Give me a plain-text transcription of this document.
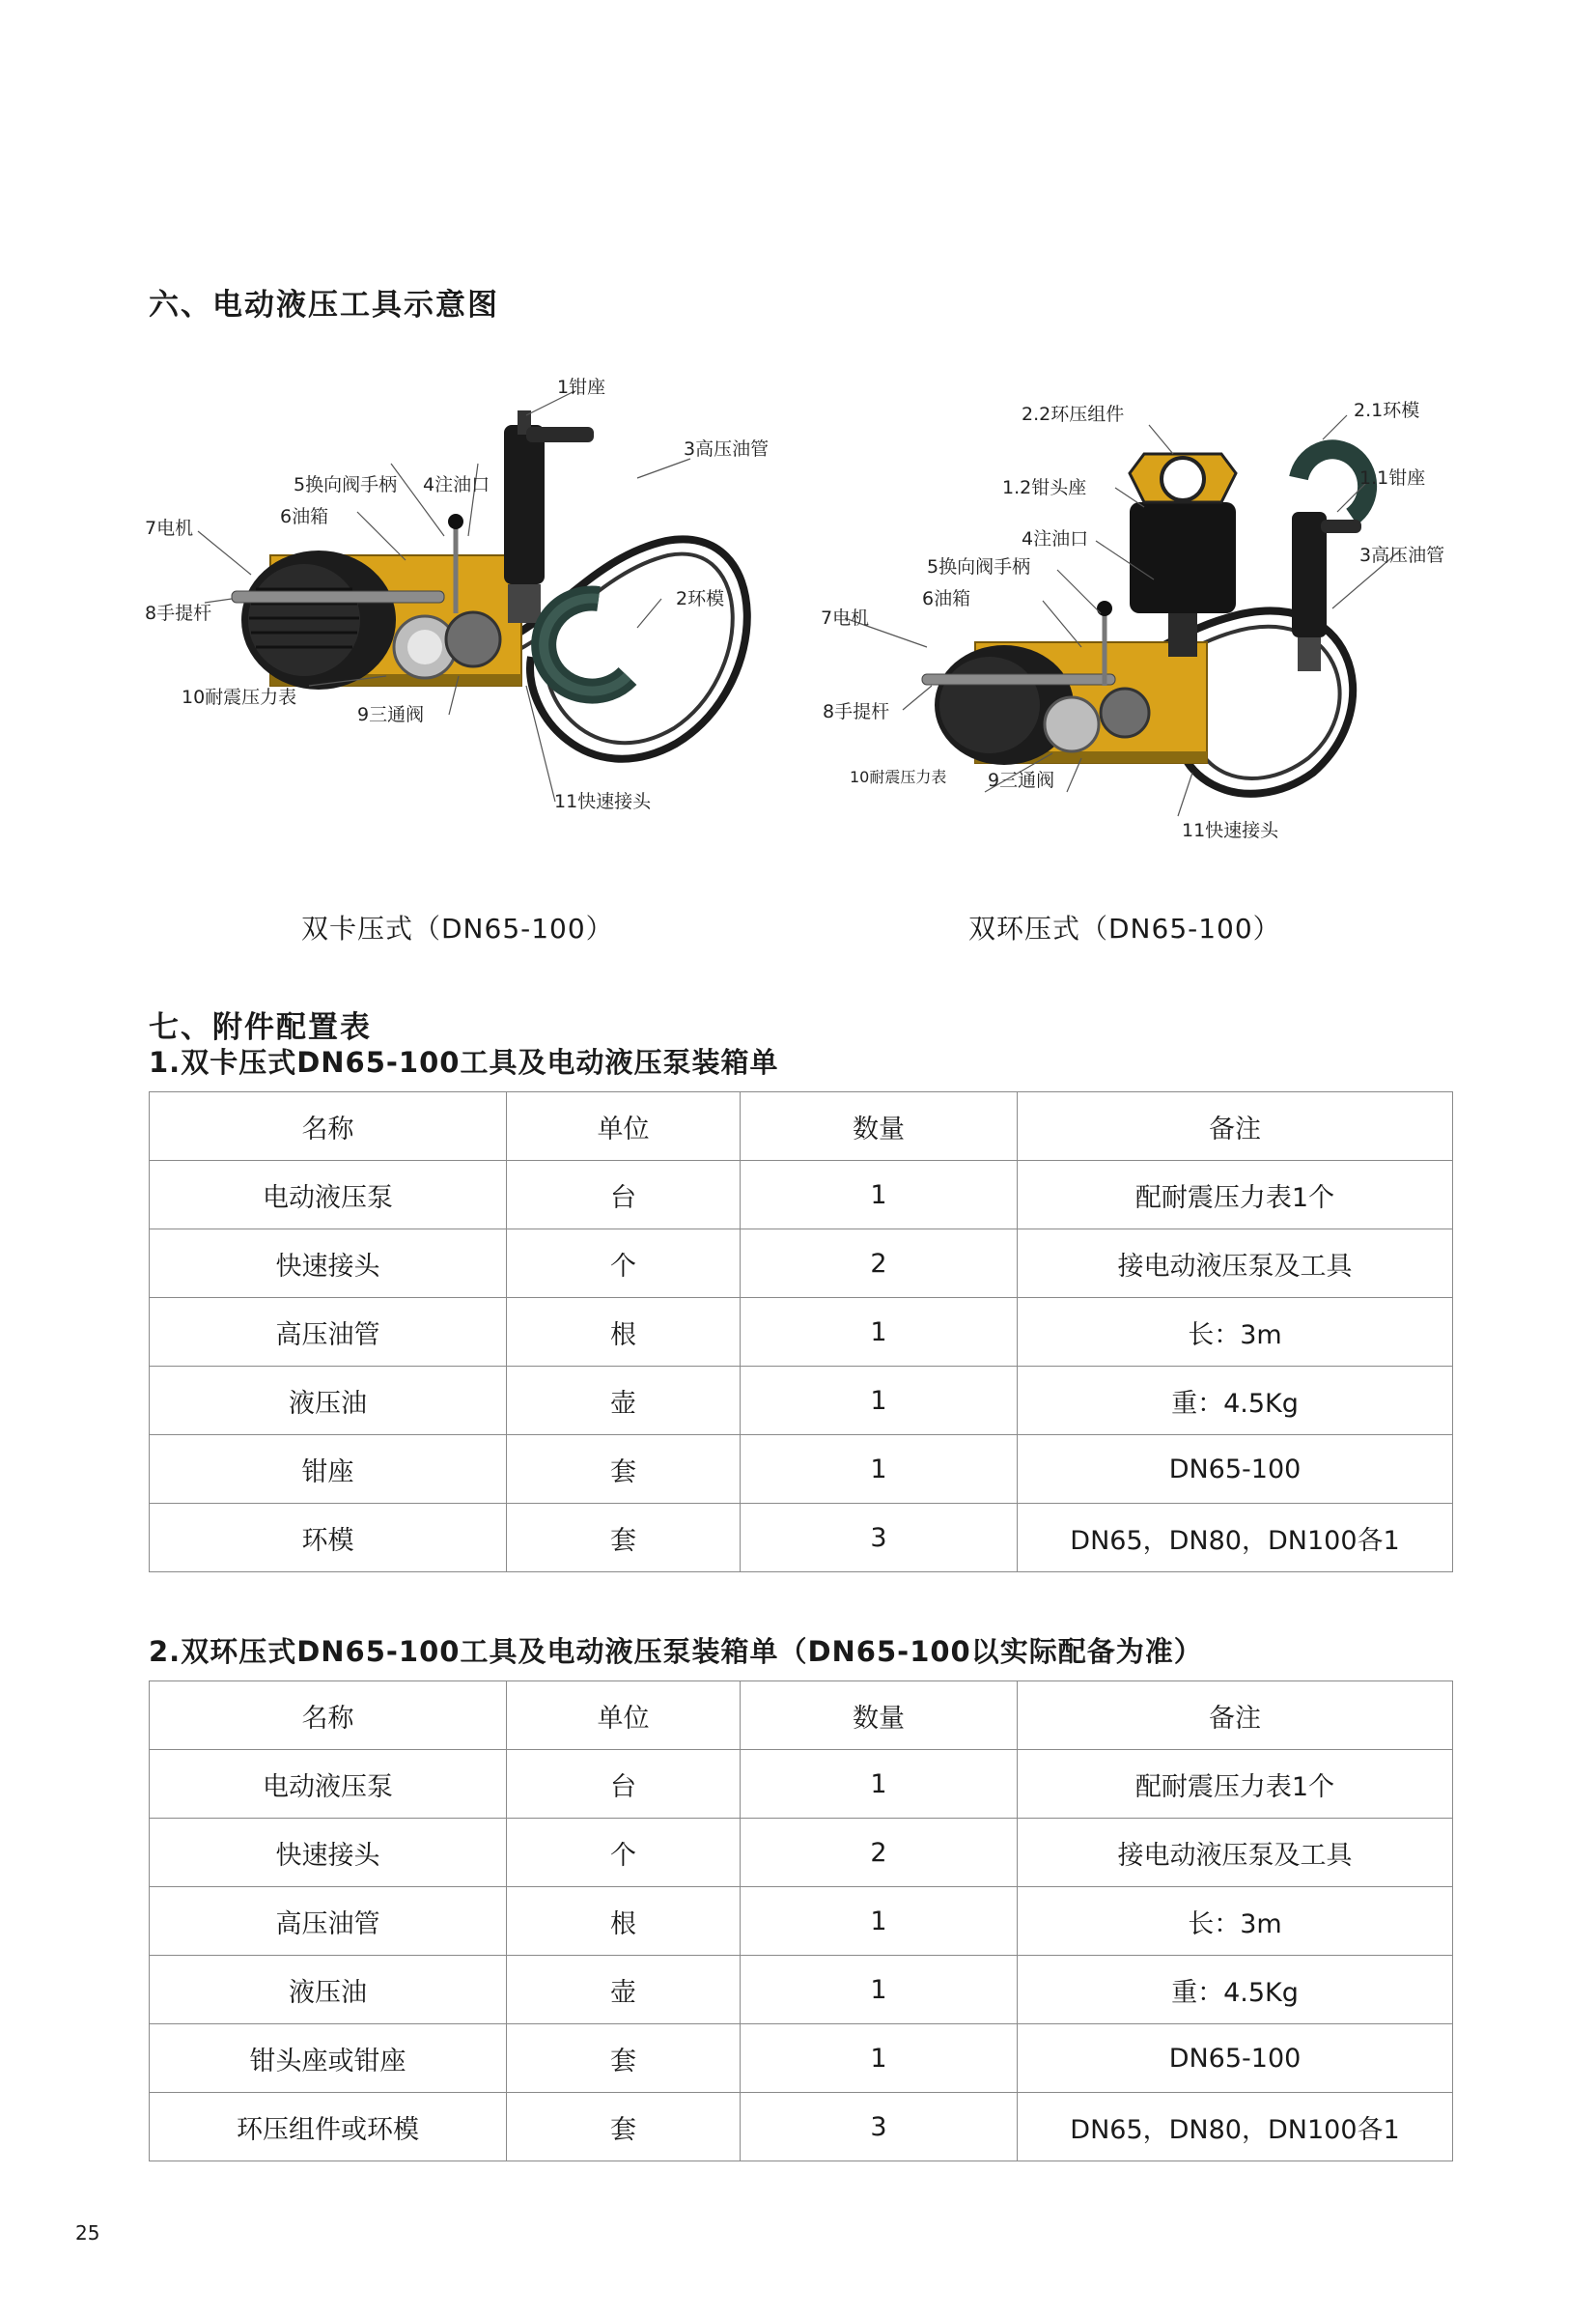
六、电动液压工具示意图
1钳座
3高压油管
5换向阀手柄 4注油口
6油箱
7电机
8手提杆
2环模
10耐震压力表
9三通阀
11快速接头
双卡压式（DN65-100）
2.2环压组件	2.1环模
1.2钳头座	1.1钳座
4注油口
3高压油管
5换向阀手柄
6油箱
7电机
8手提杆
10耐震压力表 9三通阀
11快速接头
双环压式（DN65-100）
七、附件配置表
1.双卡压式DN65-100工具及电动液压泵装箱单
名称	单位	数量	备注
电动液压泵	台	1	配耐震压力表1个
快速接头	个	2	接电动液压泵及工具
高压油管	根	1	长：3m
液压油	壶	1	重：4.5Kg
钳座	套	1	DN65-100
环模	套	3	DN65，DN80，DN100各1
2.双环压式DN65-100工具及电动液压泵装箱单（DN65-100以实际配备为准）
名称	单位	数量	备注
电动液压泵	台	1	配耐震压力表1个
快速接头	个	2	接电动液压泵及工具
高压油管	根	1	长：3m
液压油	壶	1	重：4.5Kg
钳头座或钳座	套	1	DN65-100
环压组件或环模	套	3	DN65，DN80，DN100各1
25
